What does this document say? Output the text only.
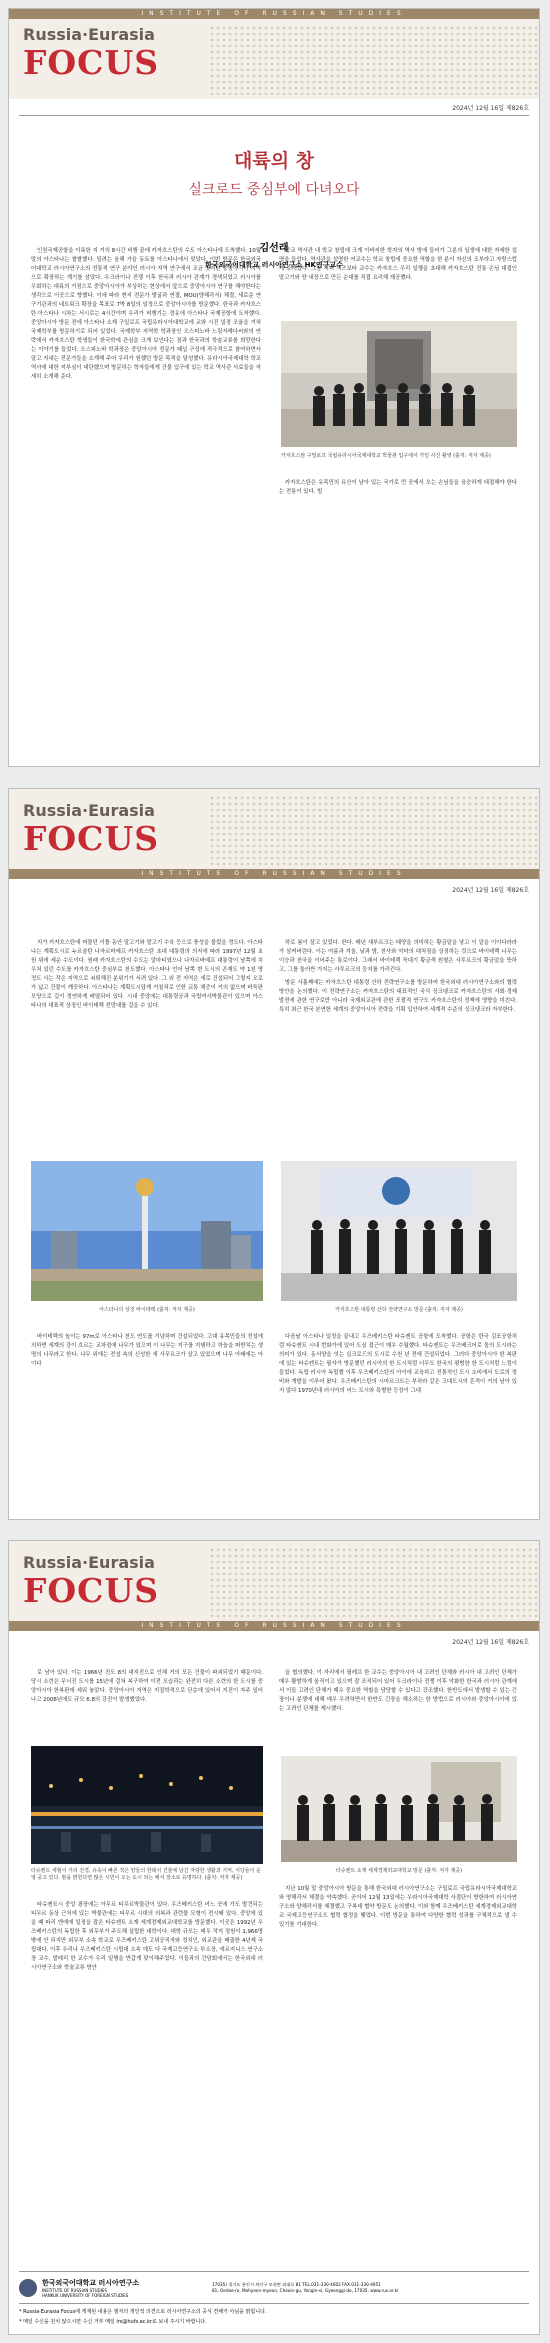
INSTITUTE OF RUSSIAN STUDIES
Russia·Eurasia
FOCUS
2024년 12월 16일 제826호
대륙의 창
실크로드 중심부에 다녀오다
김선래
한국외국어대학교 러시아연구소 HK연구교수

인천국제공항을 이륙한 지 거의 8시간 비행 끝에 카자흐스탄의 수도 아스타나에 도착했다. 10월 말의 아스타나는 쌀쌀했다. 밀려는 올해 가을 동토를 아스타나에서 맞았다. 이번 방문은 한국외국어대학교 러시아연구소의 전통적 연구 분야인 러시아 지역 연구에서 조금 벗어난 중앙아시아 지역으로 확장하는 계기를 삼았다. 우크라이나 전쟁 이후 한국과 러시아 관계가 경색되었고 러시아를 우회하는 대륙의 거점으로 중앙아시아가 부상하는 현상에서 앞으로 중앙아시아 연구를 해야한다는 생각으로 이곳으로 향했다. 이에 따라 현지 전문가 발굴과 연결, MOU(양해각서) 체결, 새로운 연구기관과의 네트워크 확장을 목표로 7박 8일의 일정으로 중앙아시아를 방문했다. 한국과 카자흐스탄·아스타나 시차는 서시로는 4시간이며 우리가 비행기는 경유에 아스타나 국제공항에 도착했다. 중앙아시아 방문 전에 아스타나 소재 구일로프 국립유라시아대학교에 교와 시진 일정 조율을 거쳐 국제학부를 방문하기로 되어 있었다. 국제학부 지역학 학과장인 오스피노바 느림자헤다씨와의 연락에서 카자흐스탄 학생들이 한국학에 관심을 크게 보인다는 점과 한국과의 학술교류를 희망한다는 이야기를 들었다. 오스피노바 학과장은 중앙아시아 전문가 패널 구성에 적극적으로 참여하면서 알고 지내는 전문가들을 소개해 주어 우리가 원했던 방문 목적을 달성했다. 유라시아국제대학 학교 역사에 대한 저부심이 대단했으며 방문하는 학자들에게 건물 입구에 있는 학교 역사관 사료들을 자세히 소개해 준다.

학교 역사관 내 학교 창립에 크게 이바지한 학자의 역사 방에 들어가 그분의 일생에 대한 자세한 설명을 들었다. 역사관을 설명한 여교수는 학교 창립에 중요한 역할을 한 분이 자신의 조부라고 자랑스럽게 소개했다. 그날 저녁 이즈보타 교수는 카자흐스 우리 일행을 초대해 카자흐스탄 전통 손님 대접인 말고기와 양 내장으로 만든 순대를 직접 요리해 제공했다.

카자흐스탄 구밀로프 국립유라시아국제대학교 박물관 입구에서 가일 사진 촬영 (출처: 저자 제공)

카자흐스탄은 유목민의 유산이 남아 있는 국가로 먼 곳에서 오는 손님들을 융숭하게 대접해야 한다는 전통이 있다. 빌

Russia·Eurasia
FOCUS
INSTITUTE OF RUSSIAN STUDIES
2024년 12월 16일 제826호

지가 카자흐스탄에 머물던 이틀 동안 말고기와 말고기 수육 등으로 풍성을 불렀을 정도다. 아스타나는 계획도시로 누르술탄 나자르바예프 카자흐스탄 초대 대통령의 의지에 따라 1997년 12월 초원 위에 세운 수도이다. 원래 카자흐스탄의 수도는 알마티였으나 나자르바예프 대통령이 남쪽에 치우쳐 있던 수도를 카자흐스탄 중심부로 천도했다. 아스타나 언어 남쪽 변 도시의 존재도 약 1천 명 정도 사는 작은 지역으로 쇠퇴해진 분위기가 서려 있다. 그 외 전 지역은 새로 건설되어 그렇지 오로가 넓고 건물이 깨끗하다. 아스타나는 계획도시답게 거침처로 인한 교통 체증이 거의 없으며 바둑판 모양으로 길이 정연하게 배열되어 있다. 시내 중앙에는 대통령궁과 국립여사박물관이 있으며 아스타나의 대표적 상징인 바이테렉 전망대를 걸을 수 있다.

하로 봄이 살고 있었다. 한다. 매년 새부르크는 태양을 의미하는 황금알을 낳고 이 알을 이이다라라가 삼켜버린다. 이는 여름과 겨울, 낮과 밤, 천사와 악마의 대척점을 상징하는 것으로 바이테렉 나무는 이승과 천국을 이어주는 통로이다. 그래서 바이테렉 꼭대기 황금색 원형은 사투르크의 황금알을 뜻하고, 그를 둘러싼 가지는 사투르크의 둥지를 가리킨다.

방문 사흘째에는 카자흐스탄 대통령 산하 전략연구소를 방문하여 한국외대 러시아연구소와의 협력 방안을 논의했다. 이 전략연구소는 카자흐스탄의 대표적인 국식 싱크탱크로 카자흐스탄의 사회·경제 발전에 관한 연구로만 아니라 국제외교관에 관한 포괄적 연구도 카자흐스탄의 정책에 영향을 미친다. 특히 최근 한국 본연한 세계의 중앙아시아 전략을 기획 입안하여 세계적 수준의 싱크탱크라 자부한다.

아스타나의 상징 바이테렉 (출처: 저자 제공)

바이테렉의 높이는 97m로 아스타나 천도 연도를 기념하며 건설되었다. 고대 유목민들의 전설에 의하면 세계의 강이 흐르는 교차점에 나무가 있으며 이 나무는 지구를 지탱하고 하늘을 떠받치는 생명의 나무라고 한다. 나무 위에는 전설 속의 신성한 새 사무르크가 살고 있었으며 나무 아래에는 아이다

카자흐스탄 대통령 산하 전략연구소 방문 (출처: 저자 제공)

다음날 아스타나 일정을 끝내고 우즈베키스탄 타슈켄트 공항에 도착했다. 공항은 한국 김포공항처럼 타슈켄트 시내 번화가에 있어 도심 접근이 매우 수월했다. 타슈켄트는 우즈베크어로 돌의 도시라는 의미가 있다. 동서양을 잇는 실크로드의 도시로 수천 년 전에 건설되었다. 그러다 중앙아시아 한 복판에 있는 타슈켄트는 필자가 방문했던 러시아의 한 도시처럼 너무도 한국의 평범한 한 도시처럼 느낌이 들었다. 독립 러시아 독립했 이후 우즈베키스탄의 아이에 교육하고 전통적인 도시 소비에서 도로의 정비와 개발을 이루어 왔다. 우즈베키스탄의 시마르크트는 부하라 같은 고대도시의 흔적이 거의 남아 있지 않다 1970년대 러시아의 어느 도시와 특별한 등장이 그대

Russia·Eurasia
FOCUS
INSTITUTE OF RUSSIAN STUDIES
2024년 12월 16일 제826호

로 남아 있다. 이는 1966년 진도 8의 대지진으로 인해 거의 모든 건물이 파괴되었기 때문이다. 당시 소련은 무너진 도시를 15년에 걸쳐 복구하여 이전 모습과는 완전히 다른 소련의 한 도시를 중앙아시아 한복판에 세워 놓았다. 중앙아시아 지역은 지질학적으로 단층에 있어서 지진이 자주 일어나고 2008년에도 규모 6.8의 강진이 발생했었다.

을 협의했다. 이 자리에서 필레프 한 교수는 중앙아시아 내 고려인 단체와 러시아 내 고려인 단체가 매우 활발하게 움직이고 있으며 잘 조직되어 있어 우크라이나 전쟁 이후 악화한 한국과 러시아 관계에서 이들 고려인 단체가 매우 중요한 역할을 담당할 수 있다고 강조했다. 한반도에서 발생할 수 있는 긴장이나 분쟁에 대해 매우 우려하면서 한반도 긴장을 해소하는 한 방법으로 러시아와 중앙아시아에 있는 고려인 단체를 제시했다.

타슈켄트 세월이 거리 전경, 유속이 빠른 적은 양들의 한데서 건물에 남긴 자랑한 생활과 기억, 식당들이 운영 중고 있다. 밤을 밝힌다면 많은 시민이 오는 도시 되는 해서 장소로 유명하다. (출처: 저자 제공)

타슈켄트시 중앙 광장에는 아무르 티무르박물관이 있다. 우즈베키스탄 어느 곳에 가도 발견되는 티무르 동상 근처에 있는 박물관에는 티무르 시대의 의복과 관련물 모형이 전시돼 있다. 중앙에 있을 때 파리 엔에에 일정을 잡은 타슈켄트 소재 세계경제외교대학교를 방문했다. 이곳은 1992년 우즈베키스탄의 독립한 후 외무부가 주도해 설립한 대학이다. 대학 규모는 매우 작지 정원이 1,966명밖에 안 되지만 외무부 소속 학교로 우즈베키스탄 고위공직자와 정치인, 외교관을 배출한 4년제 국립대다. 이후 우리나 우즈베키스탄 시립대 소속 에도 다 국제고등연구소 부소장, 에르지니스 연구소장 교수, 발레리 한 교수가 우리 일행을 반갑게 맞이해주었다. 이들과의 간담회에서는 한국외대 러시아연구소와 학술교류 방안

타슈켄트 소재 세계경제외교대학교 방문 (출처: 저자 제공)

지난 10월 말 중앙아시아 방문을 통해 한국외대 러시아연구소는 구밀료프 국립유라시아국제대학교와 양해각서 체결을 약속했다. 곧이어 12월 13일에는 우라시아국제대학 사절단이 방한하여 러시아연구소와 양해각서를 체결했고 구복세 협약 방문도 논의했다. 이와 함께 우즈베키스탄 세계경제외교대학교 국제고등연구소도 협력 협정을 맺었다. 이번 방문을 통하여 다양한 협력 성과를 구체적으로 낼 수 있기를 기대한다.

한국외국어대학교 러시아연구소
INSTITUTE OF RUSSIAN STUDIES
HANKUK UNIVERSITY OF FOREIGN STUDIES
17035) 경기도 용인시 처인구 모현면 외대로 81 TEL.031-330-4602 FAX.031-330-4951
81, Oedae-ro, Mohyeon-myeon, Cheoin-gu, Yongin-si, Gyeonggi-do, 17035. www.rus.or.kr
* Russia·Eurasia Focus에 게재된 내용은 필자의 개인적 의견으로 러시아연구소의 공식 견해가 아님을 밝힙니다.
* 메일 수신을 원치 않으시면 수신 거부 메일 irs@hufs.ac.kr로 보내 주시기 바랍니다.
